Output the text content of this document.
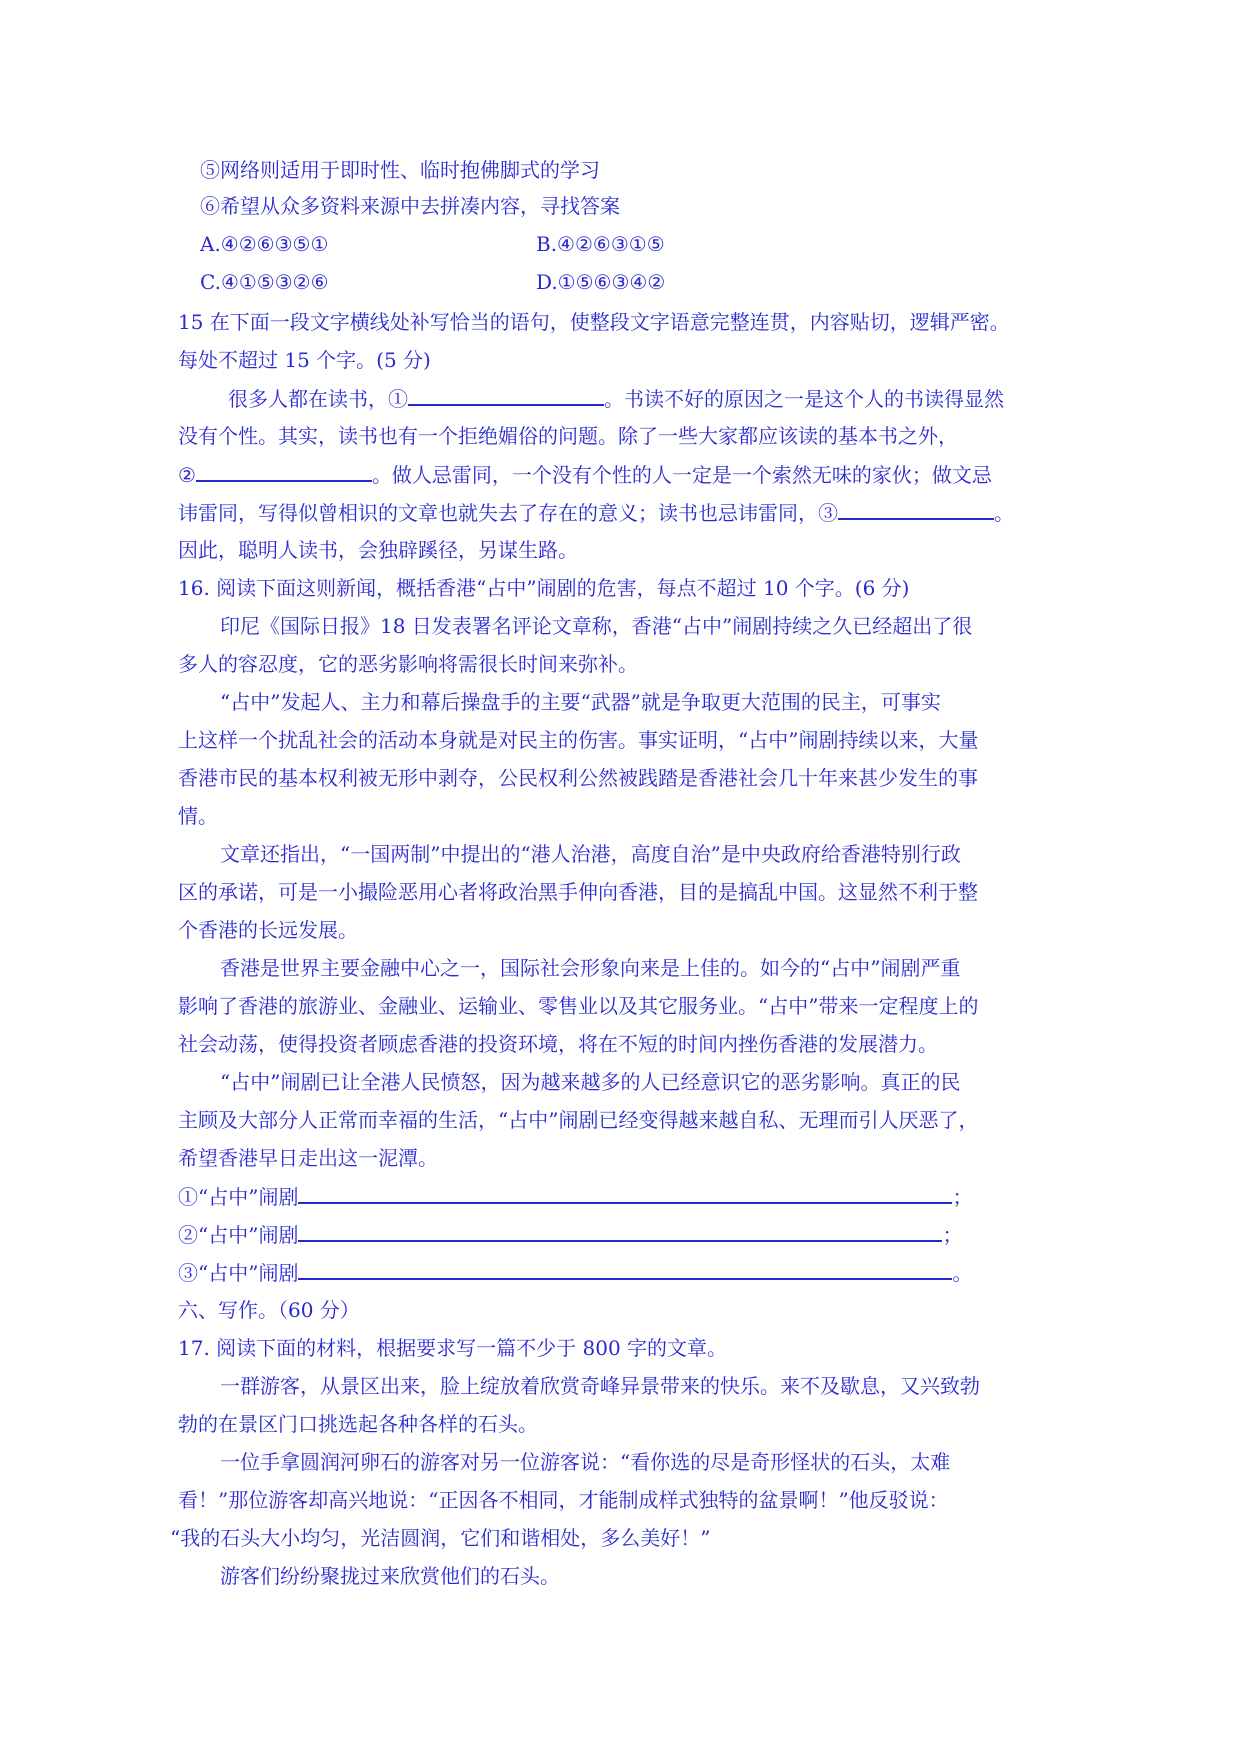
⑤网络则适用于即时性、临时抱佛脚式的学习
⑥希望从众多资料来源中去拼凑内容，寻找答案
A.④②⑥③⑤①	B.④②⑥③①⑤
C.④①⑤③②⑥	D.①⑤⑥③④②
15 在下面一段文字横线处补写恰当的语句，使整段文字语意完整连贯，内容贴切，逻辑严密。
每处不超过 15 个字。(5 分)
很多人都在读书，①	。书读不好的原因之一是这个人的书读得显然
没有个性。其实，读书也有一个拒绝媚俗的问题。除了一些大家都应该读的基本书之外，
②	。做人忌雷同，一个没有个性的人一定是一个索然无味的家伙；做文忌
讳雷同，写得似曾相识的文章也就失去了存在的意义；读书也忌讳雷同，③	。
因此，聪明人读书，会独辟蹊径，另谋生路。
16. 阅读下面这则新闻，概括香港“占中”闹剧的危害，每点不超过 10 个字。(6 分)
印尼《国际日报》18 日发表署名评论文章称，香港“占中”闹剧持续之久已经超出了很
多人的容忍度，它的恶劣影响将需很长时间来弥补。
“占中”发起人、主力和幕后操盘手的主要“武器”就是争取更大范围的民主，可事实
上这样一个扰乱社会的活动本身就是对民主的伤害。事实证明，“占中”闹剧持续以来，大量
香港市民的基本权利被无形中剥夺，公民权利公然被践踏是香港社会几十年来甚少发生的事
情。
文章还指出，“一国两制”中提出的“港人治港，高度自治”是中央政府给香港特别行政
区的承诺，可是一小撮险恶用心者将政治黑手伸向香港，目的是搞乱中国。这显然不利于整
个香港的长远发展。
香港是世界主要金融中心之一，国际社会形象向来是上佳的。如今的“占中”闹剧严重
影响了香港的旅游业、金融业、运输业、零售业以及其它服务业。“占中”带来一定程度上的
社会动荡，使得投资者顾虑香港的投资环境，将在不短的时间内挫伤香港的发展潜力。
“占中”闹剧已让全港人民愤怒，因为越来越多的人已经意识它的恶劣影响。真正的民
主顾及大部分人正常而幸福的生活，“占中”闹剧已经变得越来越自私、无理而引人厌恶了，
希望香港早日走出这一泥潭。
①“占中”闹剧	；
②“占中”闹剧	；
③“占中”闹剧	。
六、写作。（60 分）
17. 阅读下面的材料，根据要求写一篇不少于 800 字的文章。
一群游客，从景区出来，脸上绽放着欣赏奇峰异景带来的快乐。来不及歇息，又兴致勃
勃的在景区门口挑选起各种各样的石头。
一位手拿圆润河卵石的游客对另一位游客说：“看你选的尽是奇形怪状的石头，太难
看！”那位游客却高兴地说：“正因各不相同，才能制成样式独特的盆景啊！”他反驳说：
“我的石头大小均匀，光洁圆润，它们和谐相处，多么美好！”
游客们纷纷聚拢过来欣赏他们的石头。
